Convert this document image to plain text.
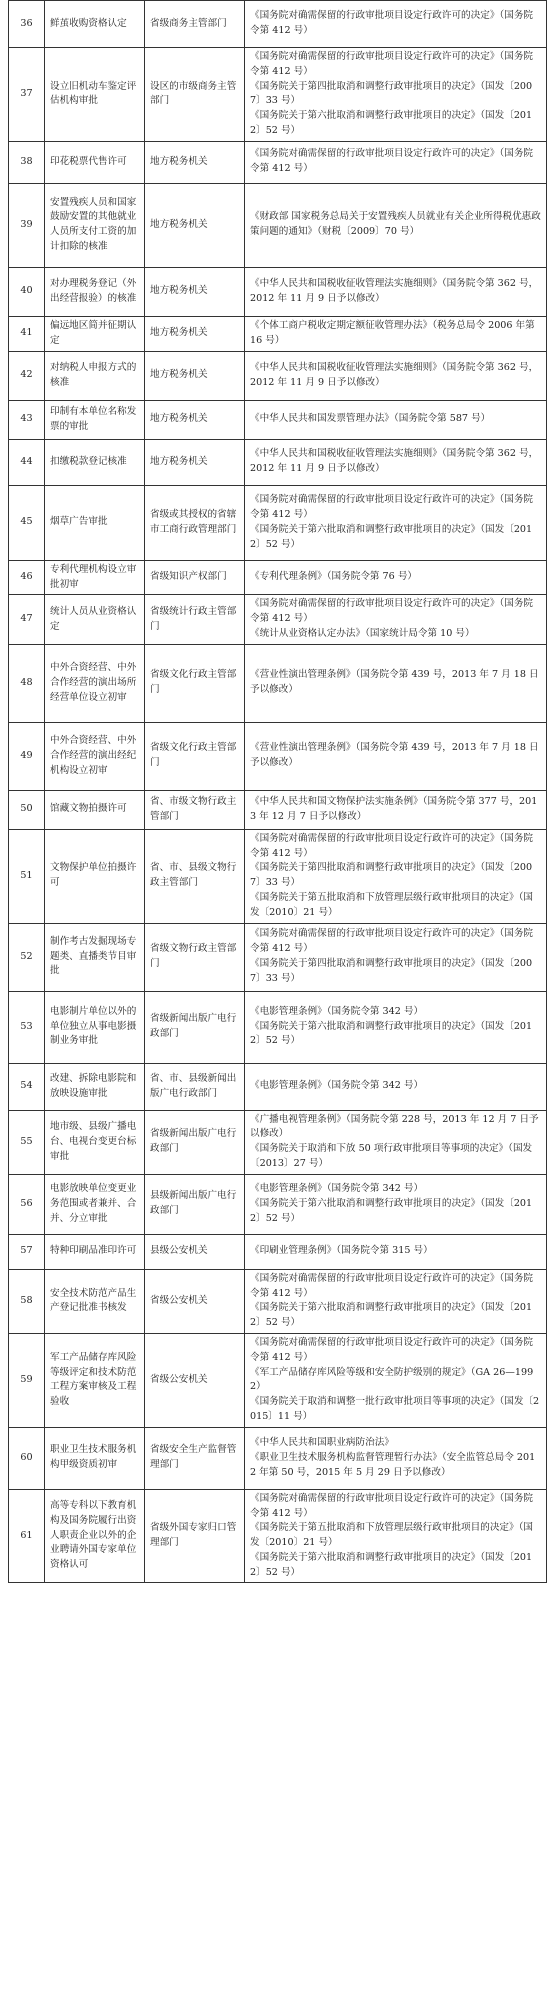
36	鲜茧收购资格认定	省级商务主管部门	《国务院对确需保留的行政审批项目设定行政许可的决定》（国务院令第 412 号）

37	设立旧机动车鉴定评估机构审批	设区的市级商务主管部门	《国务院对确需保留的行政审批项目设定行政许可的决定》（国务院令第 412 号）
《国务院关于第四批取消和调整行政审批项目的决定》（国发〔2007〕33 号）
《国务院关于第六批取消和调整行政审批项目的决定》（国发〔2012〕52 号）

38	印花税票代售许可	地方税务机关	《国务院对确需保留的行政审批项目设定行政许可的决定》（国务院令第 412 号）

39	安置残疾人员和国家鼓励安置的其他就业人员所支付工资的加计扣除的核准	地方税务机关	《财政部 国家税务总局关于安置残疾人员就业有关企业所得税优惠政策问题的通知》（财税〔2009〕70 号）

40	对办理税务登记（外出经营报验）的核准	地方税务机关	《中华人民共和国税收征收管理法实施细则》（国务院令第 362 号，2012 年 11 月 9 日予以修改）

41	偏远地区简并征期认定	地方税务机关	《个体工商户税收定期定额征收管理办法》（税务总局令 2006 年第 16 号）

42	对纳税人申报方式的核准	地方税务机关	《中华人民共和国税收征收管理法实施细则》（国务院令第 362 号，2012 年 11 月 9 日予以修改）

43	印制有本单位名称发票的审批	地方税务机关	《中华人民共和国发票管理办法》（国务院令第 587 号）

44	扣缴税款登记核准	地方税务机关	《中华人民共和国税收征收管理法实施细则》（国务院令第 362 号，2012 年 11 月 9 日予以修改）

45	烟草广告审批	省级或其授权的省辖市工商行政管理部门	《国务院对确需保留的行政审批项目设定行政许可的决定》（国务院令第 412 号）
《国务院关于第六批取消和调整行政审批项目的决定》（国发〔2012〕52 号）

46	专利代理机构设立审批初审	省级知识产权部门	《专利代理条例》（国务院令第 76 号）

47	统计人员从业资格认定	省级统计行政主管部门	《国务院对确需保留的行政审批项目设定行政许可的决定》（国务院令第 412 号）
《统计从业资格认定办法》（国家统计局令第 10 号）

48	中外合资经营、中外合作经营的演出场所经营单位设立初审	省级文化行政主管部门	《营业性演出管理条例》（国务院令第 439 号，2013 年 7 月 18 日予以修改）

49	中外合资经营、中外合作经营的演出经纪机构设立初审	省级文化行政主管部门	《营业性演出管理条例》（国务院令第 439 号，2013 年 7 月 18 日予以修改）

50	馆藏文物拍摄许可	省、市级文物行政主管部门	《中华人民共和国文物保护法实施条例》（国务院令第 377 号，2013 年 12 月 7 日予以修改）

51	文物保护单位拍摄许可	省、市、县级文物行政主管部门	《国务院对确需保留的行政审批项目设定行政许可的决定》（国务院令第 412 号）
《国务院关于第四批取消和调整行政审批项目的决定》（国发〔2007〕33 号）
《国务院关于第五批取消和下放管理层级行政审批项目的决定》（国发〔2010〕21 号）

52	制作考古发掘现场专题类、直播类节目审批	省级文物行政主管部门	《国务院对确需保留的行政审批项目设定行政许可的决定》（国务院令第 412 号）
《国务院关于第四批取消和调整行政审批项目的决定》（国发〔2007〕33 号）

53	电影制片单位以外的单位独立从事电影摄制业务审批	省级新闻出版广电行政部门	《电影管理条例》（国务院令第 342 号）
《国务院关于第六批取消和调整行政审批项目的决定》（国发〔2012〕52 号）

54	改建、拆除电影院和放映设施审批	省、市、县级新闻出版广电行政部门	《电影管理条例》（国务院令第 342 号）

55	地市级、县级广播电台、电视台变更台标审批	省级新闻出版广电行政部门	《广播电视管理条例》（国务院令第 228 号，2013 年 12 月 7 日予以修改）
《国务院关于取消和下放 50 项行政审批项目等事项的决定》（国发〔2013〕27 号）

56	电影放映单位变更业务范围或者兼并、合并、分立审批	县级新闻出版广电行政部门	《电影管理条例》（国务院令第 342 号）
《国务院关于第六批取消和调整行政审批项目的决定》（国发〔2012〕52 号）

57	特种印刷品准印许可	县级公安机关	《印刷业管理条例》（国务院令第 315 号）

58	安全技术防范产品生产登记批准书核发	省级公安机关	《国务院对确需保留的行政审批项目设定行政许可的决定》（国务院令第 412 号）
《国务院关于第六批取消和调整行政审批项目的决定》（国发〔2012〕52 号）

59	军工产品储存库风险等级评定和技术防范工程方案审核及工程验收	省级公安机关	《国务院对确需保留的行政审批项目设定行政许可的决定》（国务院令第 412 号）
《军工产品储存库风险等级和安全防护级别的规定》（GA 26—1992）
《国务院关于取消和调整一批行政审批项目等事项的决定》（国发〔2015〕11 号）

60	职业卫生技术服务机构甲级资质初审	省级安全生产监督管理部门	《中华人民共和国职业病防治法》
《职业卫生技术服务机构监督管理暂行办法》（安全监管总局令 2012 年第 50 号，2015 年 5 月 29 日予以修改）

61	高等专科以下教育机构及国务院履行出资人职责企业以外的企业聘请外国专家单位资格认可	省级外国专家归口管理部门	《国务院对确需保留的行政审批项目设定行政许可的决定》（国务院令第 412 号）
《国务院关于第五批取消和下放管理层级行政审批项目的决定》（国发〔2010〕21 号）
《国务院关于第六批取消和调整行政审批项目的决定》（国发〔2012〕52 号）
